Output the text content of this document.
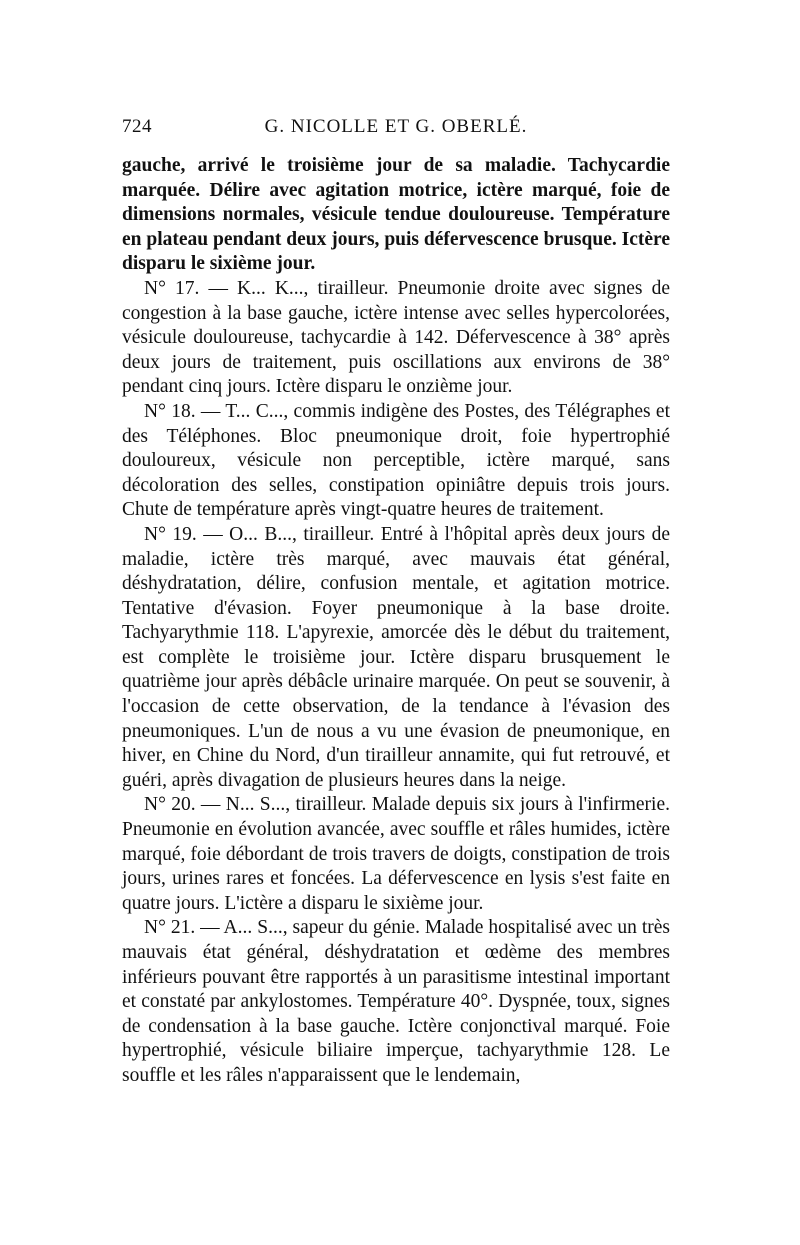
724	G. NICOLLE ET G. OBERLÉ.

gauche, arrivé le troisième jour de sa maladie. Tachycardie marquée. Délire avec agitation motrice, ictère marqué, foie de dimensions normales, vésicule tendue douloureuse. Température en plateau pendant deux jours, puis défervescence brusque. Ictère disparu le sixième jour.

N° 17. — K... K..., tirailleur. Pneumonie droite avec signes de congestion à la base gauche, ictère intense avec selles hypercolorées, vésicule douloureuse, tachycardie à 142. Défervescence à 38° après deux jours de traitement, puis oscillations aux environs de 38° pendant cinq jours. Ictère disparu le onzième jour.

N° 18. — T... C..., commis indigène des Postes, des Télégraphes et des Téléphones. Bloc pneumonique droit, foie hypertrophié douloureux, vésicule non perceptible, ictère marqué, sans décoloration des selles, constipation opiniâtre depuis trois jours. Chute de température après vingt-quatre heures de traitement.

N° 19. — O... B..., tirailleur. Entré à l'hôpital après deux jours de maladie, ictère très marqué, avec mauvais état général, déshydratation, délire, confusion mentale, et agitation motrice. Tentative d'évasion. Foyer pneumonique à la base droite. Tachyarythmie 118. L'apyrexie, amorcée dès le début du traitement, est complète le troisième jour. Ictère disparu brusquement le quatrième jour après débâcle urinaire marquée. On peut se souvenir, à l'occasion de cette observation, de la tendance à l'évasion des pneumoniques. L'un de nous a vu une évasion de pneumonique, en hiver, en Chine du Nord, d'un tirailleur annamite, qui fut retrouvé, et guéri, après divagation de plusieurs heures dans la neige.

N° 20. — N... S..., tirailleur. Malade depuis six jours à l'infirmerie. Pneumonie en évolution avancée, avec souffle et râles humides, ictère marqué, foie débordant de trois travers de doigts, constipation de trois jours, urines rares et foncées. La défervescence en lysis s'est faite en quatre jours. L'ictère a disparu le sixième jour.

N° 21. — A... S..., sapeur du génie. Malade hospitalisé avec un très mauvais état général, déshydratation et œdème des membres inférieurs pouvant être rapportés à un parasitisme intestinal important et constaté par ankylostomes. Température 40°. Dyspnée, toux, signes de condensation à la base gauche. Ictère conjonctival marqué. Foie hypertrophié, vésicule biliaire imperçue, tachyarythmie 128. Le souffle et les râles n'apparaissent que le lendemain,
